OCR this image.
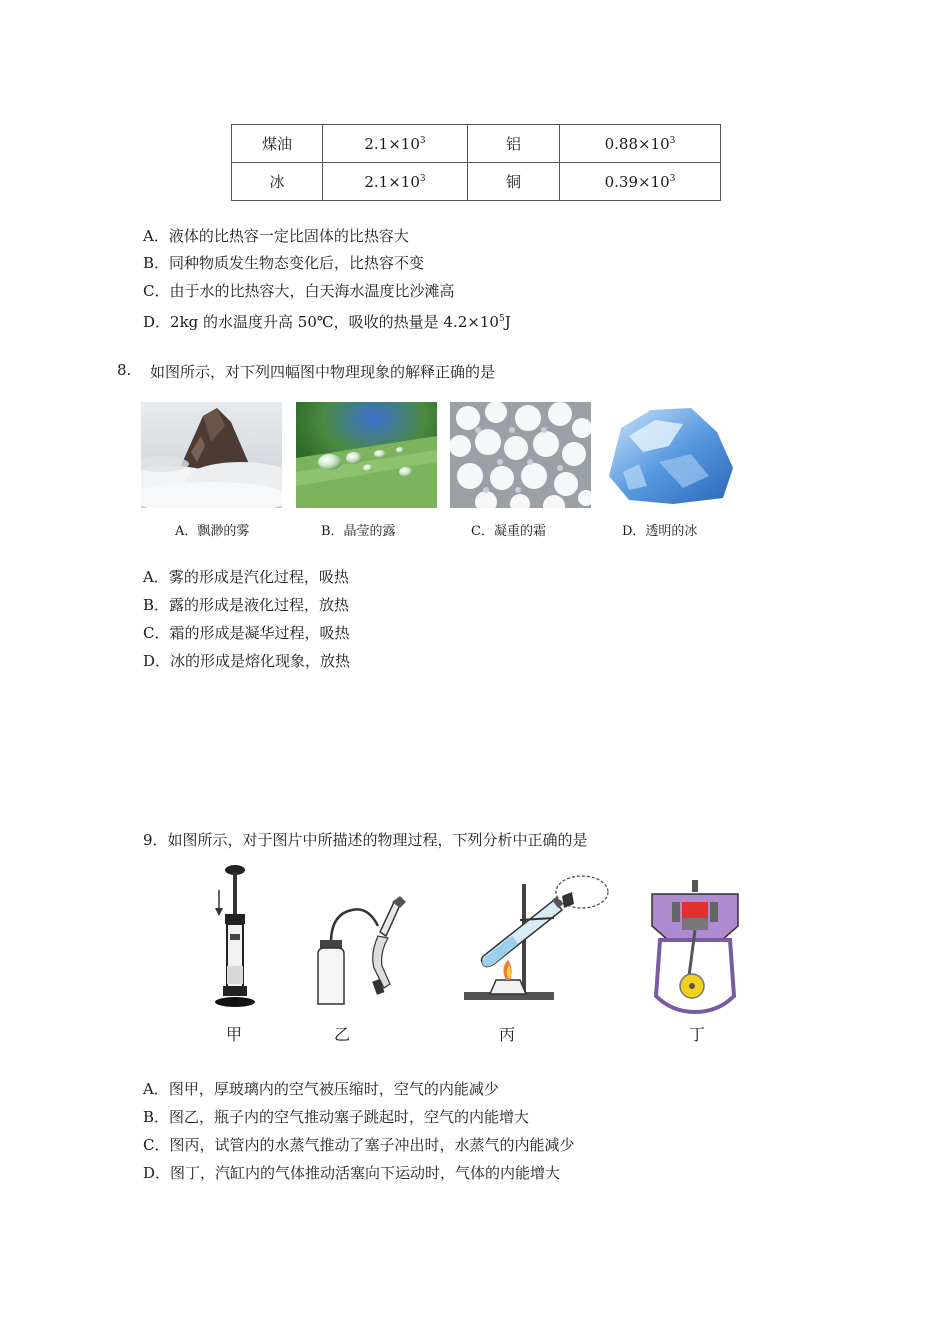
煤油	$2.1\times 10^3$	铝	$0.88\times 10^3$
冰	$2.1\times 10^3$	铜	$0.39\times 10^3$
A．液体的比热容一定比固体的比热容大
B．同种物质发生物态变化后，比热容不变
C．由于水的比热容大，白天海水温度比沙滩高
D．2kg 的水温度升高 50℃，吸收的热量是 $4.2\times 10^5J$
8. 如图所示，对下列四幅图中物理现象的解释正确的是
A．飘渺的雾	B．晶莹的露	C．凝重的霜	D．透明的冰
A．雾的形成是汽化过程，吸热
B．露的形成是液化过程，放热
C．霜的形成是凝华过程，吸热
D．冰的形成是熔化现象，放热
9．如图所示，对于图片中所描述的物理过程，下列分析中正确的是
甲	乙	丙	丁
A．图甲，厚玻璃内的空气被压缩时，空气的内能减少
B．图乙，瓶子内的空气推动塞子跳起时，空气的内能增大
C．图丙，试管内的水蒸气推动了塞子冲出时，水蒸气的内能减少
D．图丁，汽缸内的气体推动活塞向下运动时，气体的内能增大
